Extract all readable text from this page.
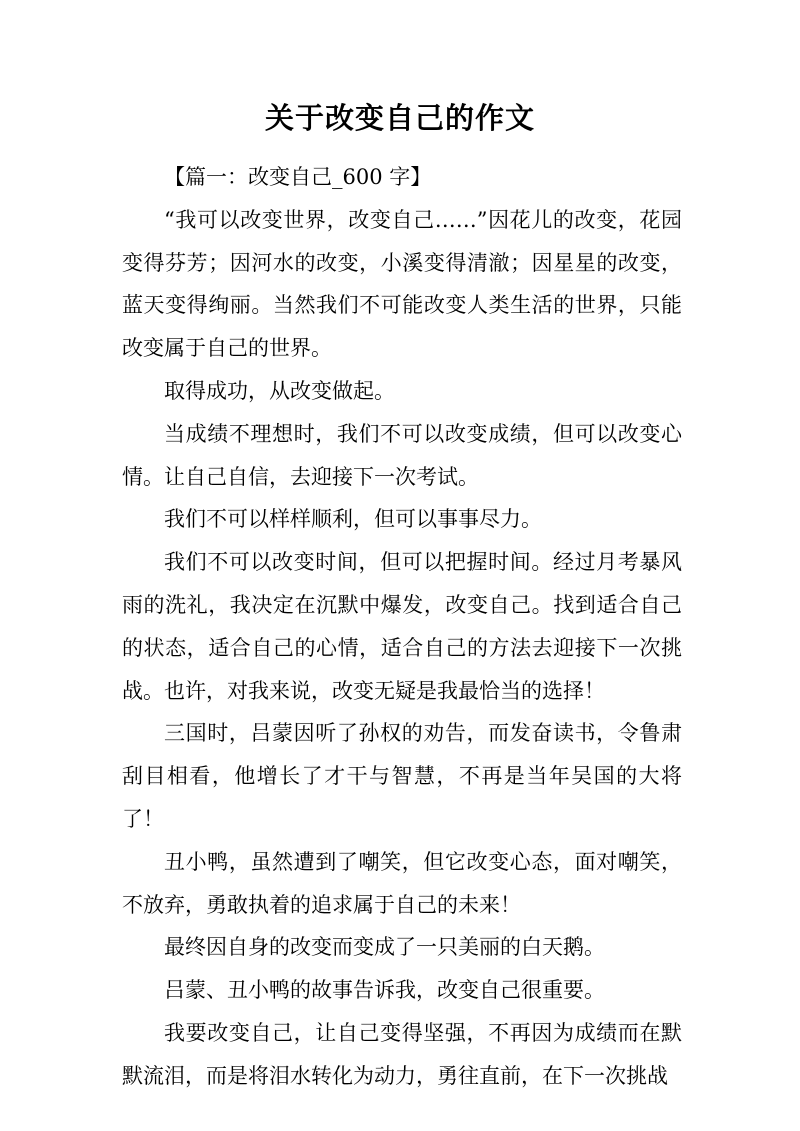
关于改变自己的作文

【篇一：改变自己_600 字】

“我可以改变世界，改变自己……”因花儿的改变，花园变得芬芳；因河水的改变，小溪变得清澈；因星星的改变，蓝天变得绚丽。当然我们不可能改变人类生活的世界，只能改变属于自己的世界。

取得成功，从改变做起。

当成绩不理想时，我们不可以改变成绩，但可以改变心情。让自己自信，去迎接下一次考试。

我们不可以样样顺利，但可以事事尽力。

我们不可以改变时间，但可以把握时间。经过月考暴风雨的洗礼，我决定在沉默中爆发，改变自己。找到适合自己的状态，适合自己的心情，适合自己的方法去迎接下一次挑战。也许，对我来说，改变无疑是我最恰当的选择！

三国时，吕蒙因听了孙权的劝告，而发奋读书，令鲁肃刮目相看，他增长了才干与智慧，不再是当年吴国的大将了！

丑小鸭，虽然遭到了嘲笑，但它改变心态，面对嘲笑，不放弃，勇敢执着的追求属于自己的未来！

最终因自身的改变而变成了一只美丽的白天鹅。

吕蒙、丑小鸭的故事告诉我，改变自己很重要。

我要改变自己，让自己变得坚强，不再因为成绩而在默默流泪，而是将泪水转化为动力，勇往直前，在下一次挑战
